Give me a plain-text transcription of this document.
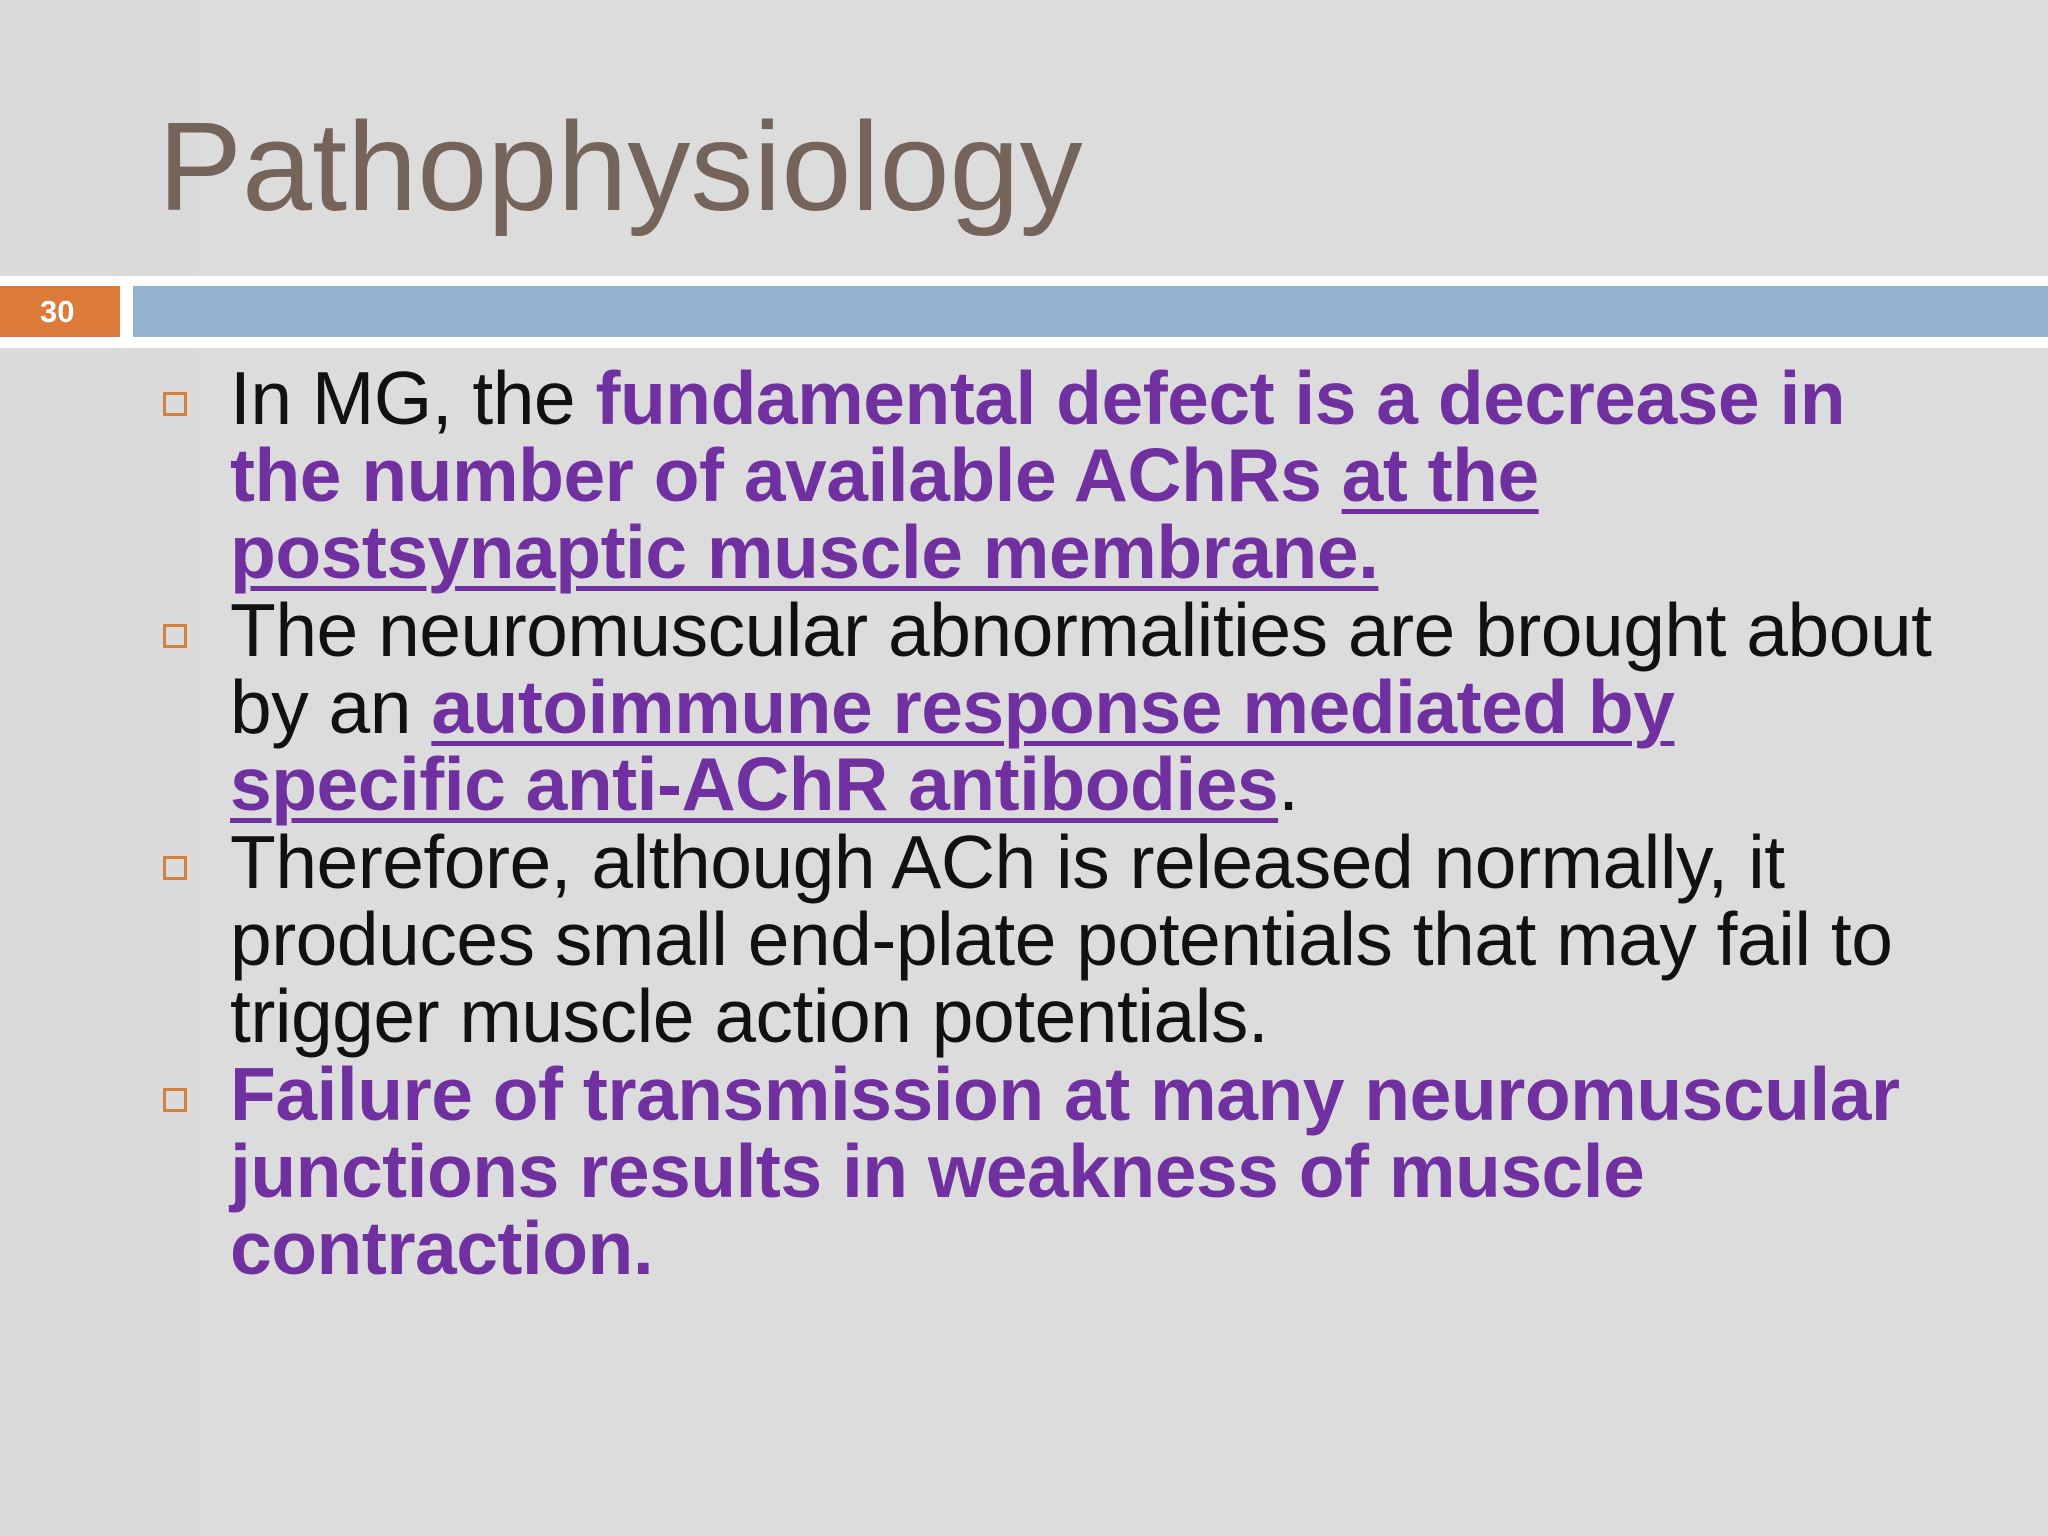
Pathophysiology
30
In MG, the fundamental defect is a decrease in the number of available AChRs at the postsynaptic muscle membrane.
The neuromuscular abnormalities are brought about by an autoimmune response mediated by specific anti-AChR antibodies.
Therefore, although ACh is released normally, it produces small end-plate potentials that may fail to trigger muscle action potentials.
Failure of transmission at many neuromuscular junctions results in weakness of muscle contraction.
